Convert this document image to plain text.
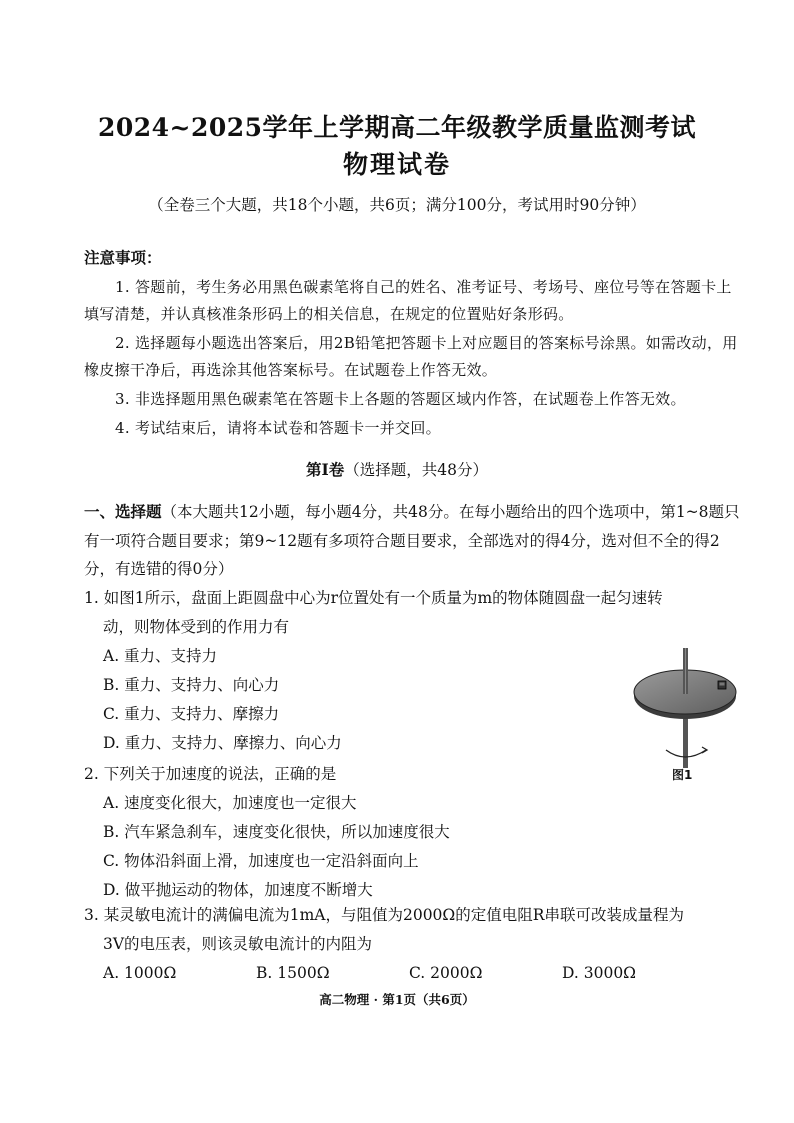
2024~2025学年上学期高二年级教学质量监测考试
物理试卷
（全卷三个大题，共18个小题，共6页；满分100分，考试用时90分钟）
注意事项：

1. 答题前，考生务必用黑色碳素笔将自己的姓名、准考证号、考场号、座位号等在答题卡上填写清楚，并认真核准条形码上的相关信息，在规定的位置贴好条形码。

2. 选择题每小题选出答案后，用2B铅笔把答题卡上对应题目的答案标号涂黑。如需改动，用橡皮擦干净后，再选涂其他答案标号。在试题卷上作答无效。

3. 非选择题用黑色碳素笔在答题卡上各题的答题区域内作答，在试题卷上作答无效。

4. 考试结束后，请将本试卷和答题卡一并交回。

第Ⅰ卷（选择题，共48分）
一、选择题（本大题共12小题，每小题4分，共48分。在每小题给出的四个选项中，第1~8题只有一项符合题目要求；第9~12题有多项符合题目要求，全部选对的得4分，选对但不全的得2分，有选错的得0分）

1. 如图1所示，盘面上距圆盘中心为r位置处有一个质量为m的物体随圆盘一起匀速转
动，则物体受到的作用力有

A. 重力、支持力

B. 重力、支持力、向心力

C. 重力、支持力、摩擦力

D. 重力、支持力、摩擦力、向心力

图1

2. 下列关于加速度的说法，正确的是

A. 速度变化很大，加速度也一定很大

B. 汽车紧急刹车，速度变化很快，所以加速度很大

C. 物体沿斜面上滑，加速度也一定沿斜面向上

D. 做平抛运动的物体，加速度不断增大

3. 某灵敏电流计的满偏电流为1mA，与阻值为2000Ω的定值电阻R串联可改装成量程为
3V的电压表，则该灵敏电流计的内阻为

A. 1000Ω	B. 1500Ω	C. 2000Ω	D. 3000Ω
高二物理 · 第1页（共6页）
